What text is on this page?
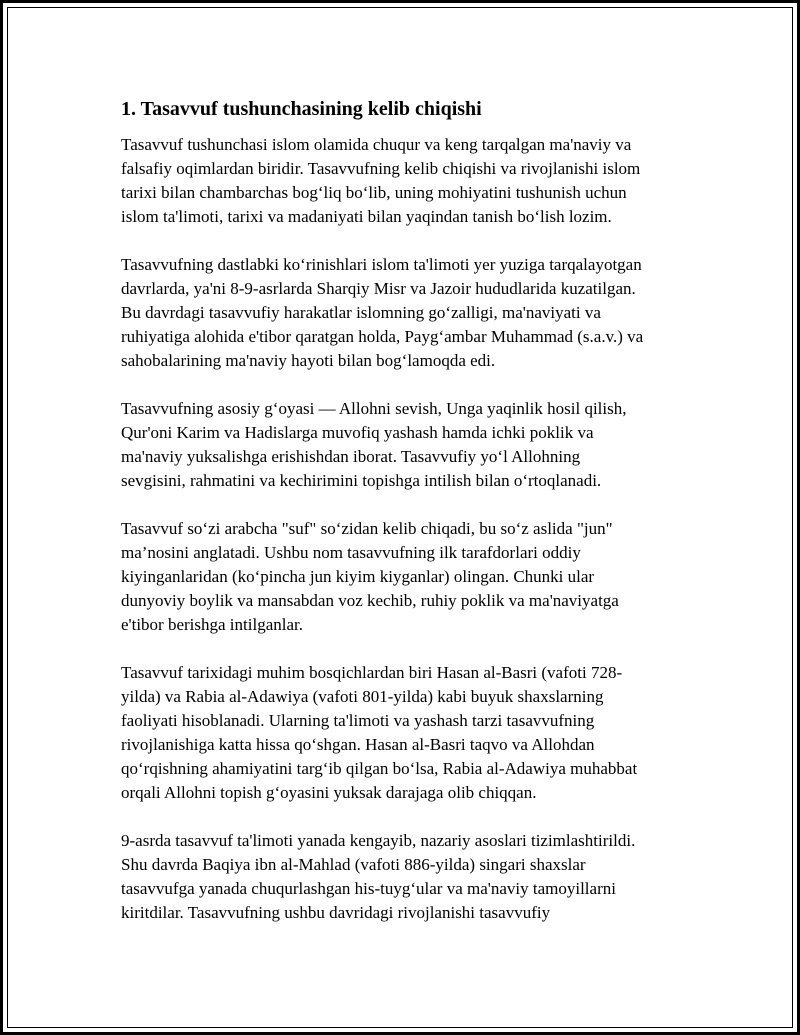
1. Tasavvuf tushunchasining kelib chiqishi

Tasavvuf tushunchasi islom olamida chuqur va keng tarqalgan ma'naviy va
falsafiy oqimlardan biridir. Tasavvufning kelib chiqishi va rivojlanishi islom
tarixi bilan chambarchas bog‘liq bo‘lib, uning mohiyatini tushunish uchun
islom ta'limoti, tarixi va madaniyati bilan yaqindan tanish bo‘lish lozim.

Tasavvufning dastlabki ko‘rinishlari islom ta'limoti yer yuziga tarqalayotgan
davrlarda, ya'ni 8-9-asrlarda Sharqiy Misr va Jazoir hududlarida kuzatilgan.
Bu davrdagi tasavvufiy harakatlar islomning go‘zalligi, ma'naviyati va
ruhiyatiga alohida e'tibor qaratgan holda, Payg‘ambar Muhammad (s.a.v.) va
sahobalarining ma'naviy hayoti bilan bog‘lamoqda edi.

Tasavvufning asosiy g‘oyasi — Allohni sevish, Unga yaqinlik hosil qilish,
Qur'oni Karim va Hadislarga muvofiq yashash hamda ichki poklik va
ma'naviy yuksalishga erishishdan iborat. Tasavvufiy yo‘l Allohning
sevgisini, rahmatini va kechirimini topishga intilish bilan o‘rtoqlanadi.

Tasavvuf so‘zi arabcha "suf" so‘zidan kelib chiqadi, bu so‘z aslida "jun"
ma’nosini anglatadi. Ushbu nom tasavvufning ilk tarafdorlari oddiy
kiyinganlaridan (ko‘pincha jun kiyim kiyganlar) olingan. Chunki ular
dunyoviy boylik va mansabdan voz kechib, ruhiy poklik va ma'naviyatga
e'tibor berishga intilganlar.

Tasavvuf tarixidagi muhim bosqichlardan biri Hasan al-Basri (vafoti 728-
yilda) va Rabia al-Adawiya (vafoti 801-yilda) kabi buyuk shaxslarning
faoliyati hisoblanadi. Ularning ta'limoti va yashash tarzi tasavvufning
rivojlanishiga katta hissa qo‘shgan. Hasan al-Basri taqvo va Allohdan
qo‘rqishning ahamiyatini targ‘ib qilgan bo‘lsa, Rabia al-Adawiya muhabbat
orqali Allohni topish g‘oyasini yuksak darajaga olib chiqqan.

9-asrda tasavvuf ta'limoti yanada kengayib, nazariy asoslari tizimlashtirildi.
Shu davrda Baqiya ibn al-Mahlad (vafoti 886-yilda) singari shaxslar
tasavvufga yanada chuqurlashgan his-tuyg‘ular va ma'naviy tamoyillarni
kiritdilar. Tasavvufning ushbu davridagi rivojlanishi tasavvufiy
